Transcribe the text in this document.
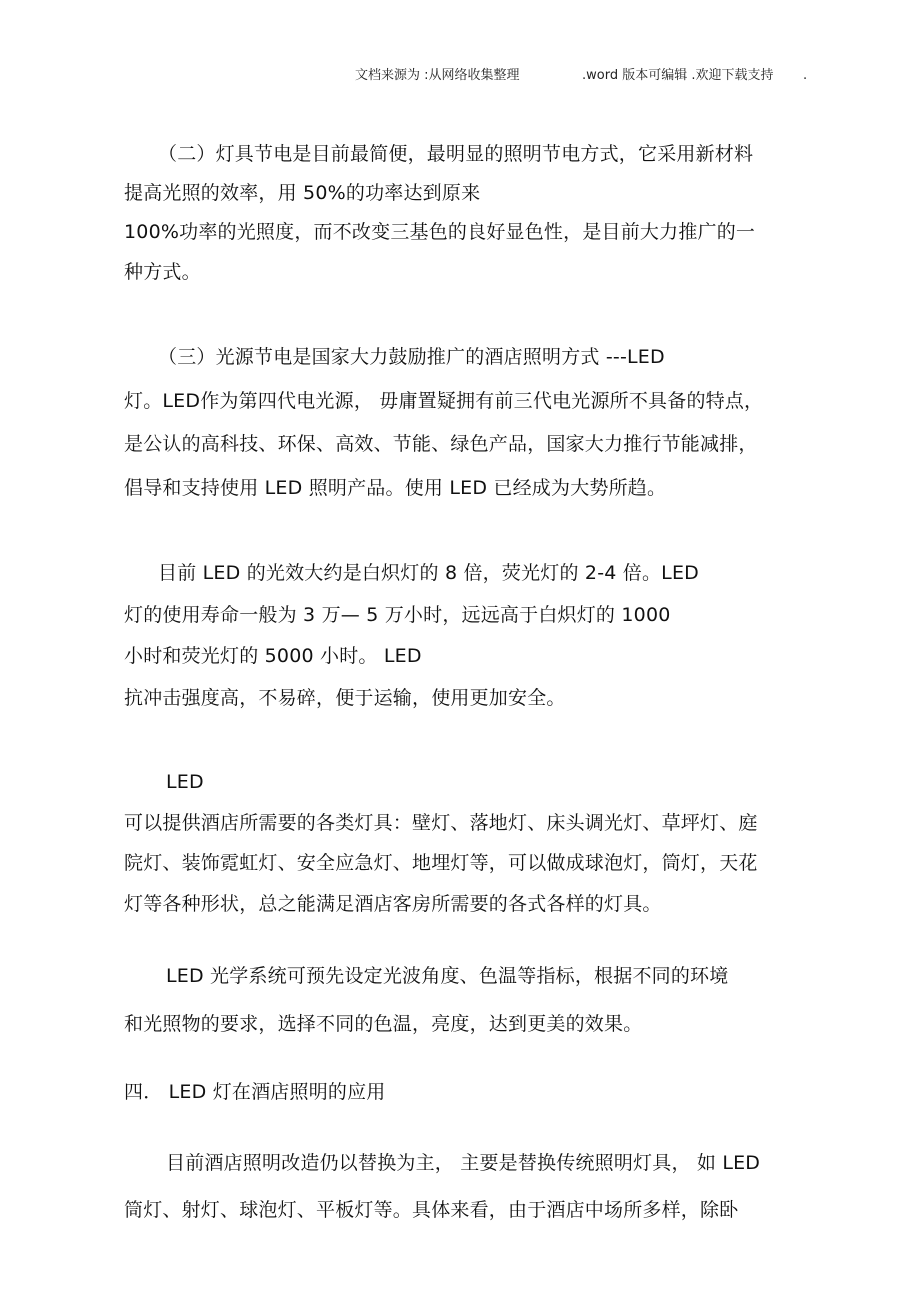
文档来源为 :从网络收集整理	.word 版本可编辑 .欢迎下载支持 .
（二）灯具节电是目前最简便，最明显的照明节电方式，它采用新材料
提高光照的效率，用 50%的功率达到原来
100%功率的光照度，而不改变三基色的良好显色性，是目前大力推广的一
种方式。
（三）光源节电是国家大力鼓励推广的酒店照明方式 ---LED
灯。LED作为第四代电光源， 毋庸置疑拥有前三代电光源所不具备的特点，
是公认的高科技、环保、高效、节能、绿色产品，国家大力推行节能减排，
倡导和支持使用 LED 照明产品。使用 LED 已经成为大势所趋。
目前 LED 的光效大约是白炽灯的 8 倍，荧光灯的 2-4 倍。LED
灯的使用寿命一般为 3 万— 5 万小时，远远高于白炽灯的 1000
小时和荧光灯的 5000 小时。 LED
抗冲击强度高，不易碎，便于运输，使用更加安全。
LED
可以提供酒店所需要的各类灯具：壁灯、落地灯、床头调光灯、草坪灯、庭
院灯、装饰霓虹灯、安全应急灯、地埋灯等，可以做成球泡灯，筒灯，天花
灯等各种形状，总之能满足酒店客房所需要的各式各样的灯具。
LED 光学系统可预先设定光波角度、色温等指标，根据不同的环境
和光照物的要求，选择不同的色温，亮度，达到更美的效果。
四． LED 灯在酒店照明的应用
目前酒店照明改造仍以替换为主， 主要是替换传统照明灯具， 如 LED
筒灯、射灯、球泡灯、平板灯等。具体来看，由于酒店中场所多样，除卧
